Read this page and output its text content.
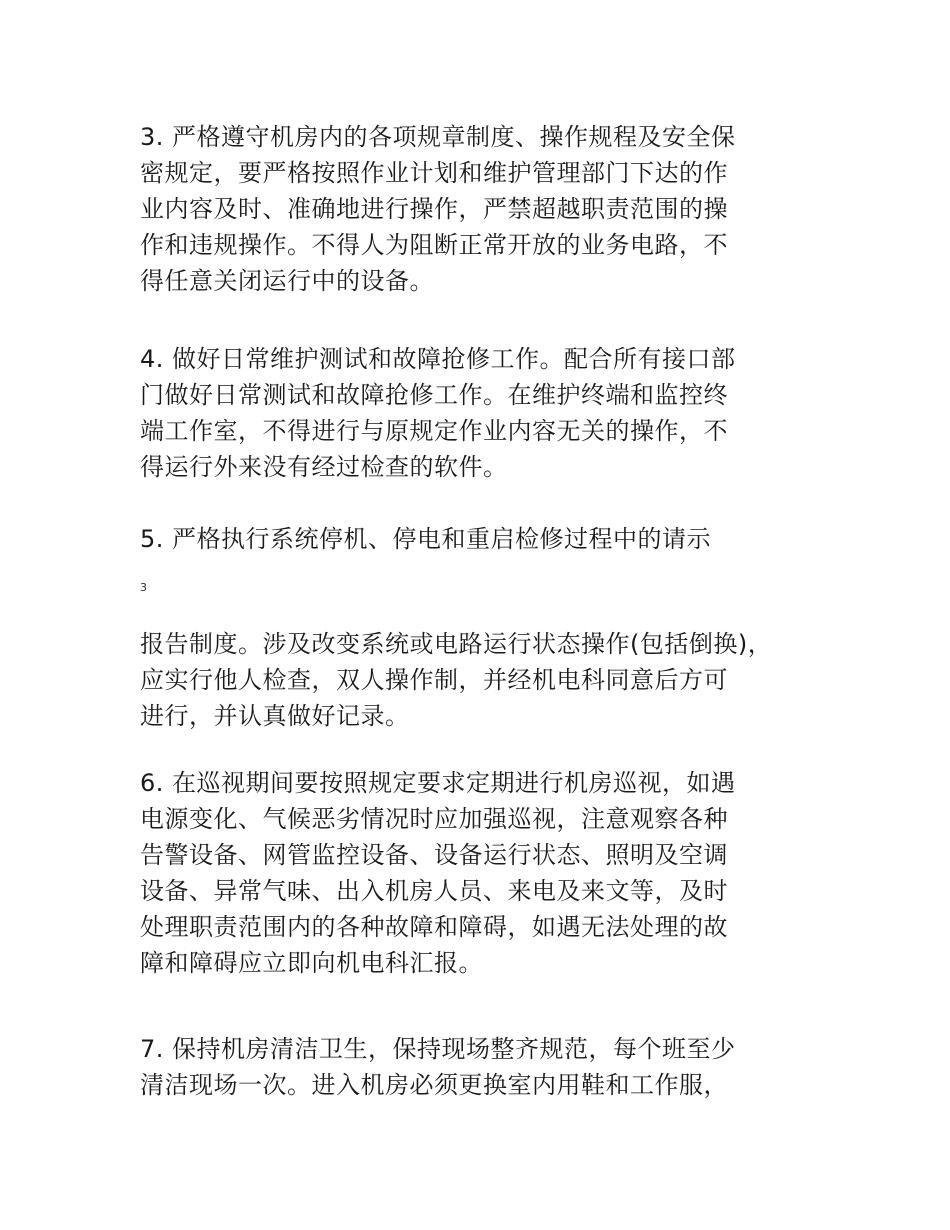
3. 严格遵守机房内的各项规章制度、操作规程及安全保
密规定，要严格按照作业计划和维护管理部门下达的作
业内容及时、准确地进行操作，严禁超越职责范围的操
作和违规操作。不得人为阻断正常开放的业务电路，不
得任意关闭运行中的设备。
4. 做好日常维护测试和故障抢修工作。配合所有接口部
门做好日常测试和故障抢修工作。在维护终端和监控终
端工作室，不得进行与原规定作业内容无关的操作，不
得运行外来没有经过检查的软件。
5. 严格执行系统停机、停电和重启检修过程中的请示
3
报告制度。涉及改变系统或电路运行状态操作(包括倒换)，
应实行他人检查，双人操作制，并经机电科同意后方可
进行，并认真做好记录。
6. 在巡视期间要按照规定要求定期进行机房巡视，如遇
电源变化、气候恶劣情况时应加强巡视，注意观察各种
告警设备、网管监控设备、设备运行状态、照明及空调
设备、异常气味、出入机房人员、来电及来文等，及时
处理职责范围内的各种故障和障碍，如遇无法处理的故
障和障碍应立即向机电科汇报。
7. 保持机房清洁卫生，保持现场整齐规范，每个班至少
清洁现场一次。进入机房必须更换室内用鞋和工作服，
